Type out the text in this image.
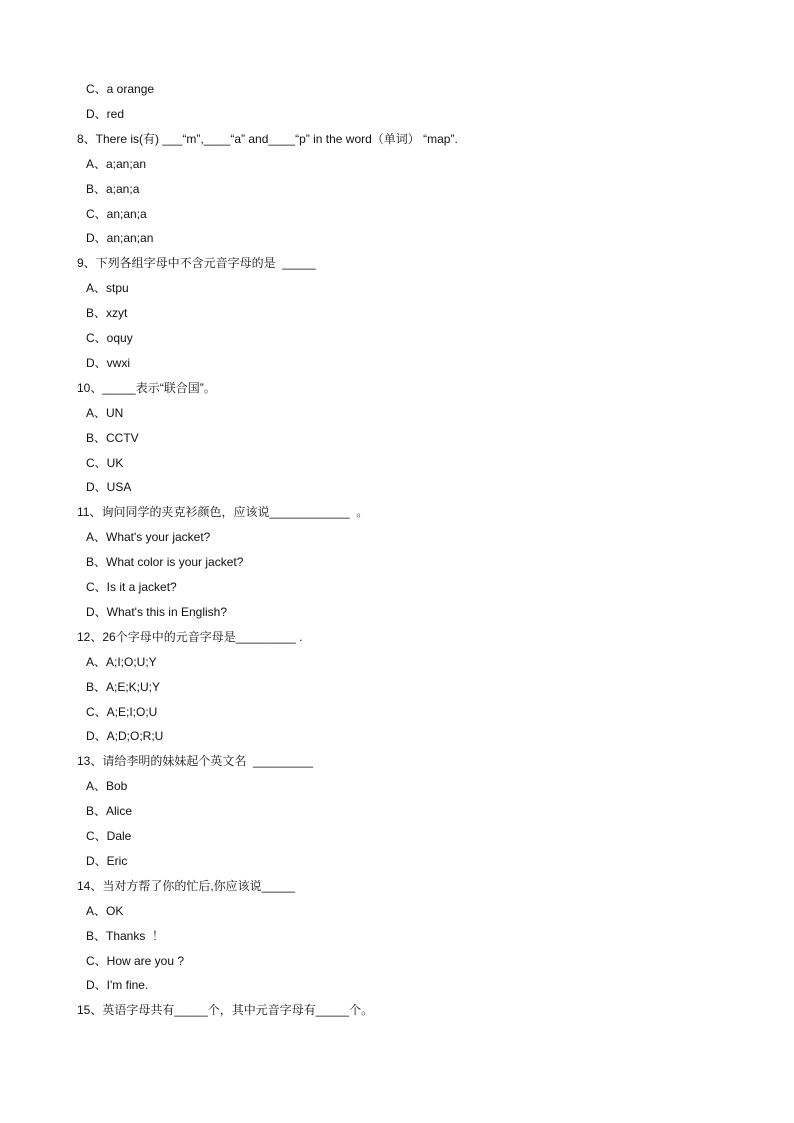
C、a orange
D、red
8、There is(有) ___“m”,____“a” and____“p” in the word（单词） “map”.
A、a;an;an
B、a;an;a
C、an;an;a
D、an;an;an
9、下列各组字母中不含元音字母的是  _____
A、stpu
B、xzyt
C、oquy
D、vwxi
10、_____表示“联合国”。
A、UN
B、CCTV
C、UK
D、USA
11、询问同学的夹克衫颜色，应该说____________  。
A、What's your jacket?
B、What color is your jacket?
C、Is it a jacket?
D、What's this in English?
12、26个字母中的元音字母是_________ .
A、A;I;O;U;Y
B、A;E;K;U;Y
C、A;E;I;O;U
D、A;D;O;R;U
13、请给李明的妹妹起个英文名  _________
A、Bob
B、Alice
C、Dale
D、Eric
14、当对方帮了你的忙后,你应该说_____
A、OK
B、Thanks  ！
C、How are you ?
D、I'm fine.
15、英语字母共有_____个，其中元音字母有_____个。
